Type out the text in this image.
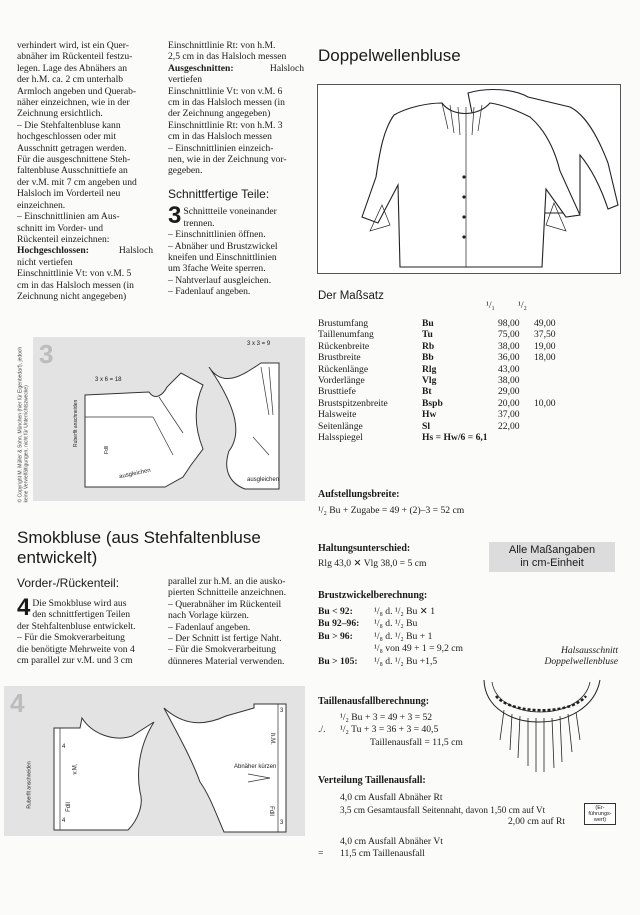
verhindert wird, ist ein Quer-
abnäher im Rückenteil festzu-
legen. Lage des Abnähers an
der h.M. ca. 2 cm unterhalb
Armloch angeben und Querab-
näher einzeichnen, wie in der
Zeichnung ersichtlich.
– Die Stehfaltenbluse kann
hochgeschlossen oder mit
Ausschnitt getragen werden.
Für die ausgeschnittene Steh-
faltenbluse Ausschnittiefe an
der v.M. mit 7 cm angeben und
Halsloch im Vorderteil neu
einzeichnen.
– Einschnittlinien am Aus-
schnitt im Vorder- und
Rückenteil einzeichnen:
Hochgeschlossen:	Halsloch
nicht vertiefen
Einschnittlinie Vt: von v.M. 5
cm in das Halsloch messen (in
Zeichnung nicht angegeben)
Einschnittlinie Rt: von h.M.
2,5 cm in das Halsloch messen
Ausgeschnitten:	Halsloch
vertiefen
Einschnittlinie Vt: von v.M. 6
cm in das Halsloch messen (in
der Zeichnung angegeben)
Einschnittlinie Rt: von h.M. 3
cm in das Halsloch messen
– Einschnittlinien einzeich-
nen, wie in der Zeichnung vor-
gegeben.
Schnittfertige Teile:
3 Schnittteile voneinander
trennen.
– Einschnittlinien öffnen.
– Abnäher und Brustzwickel
kneifen und Einschnittlinien
um 3fache Weite sperren.
– Nahtverlauf ausgleichen.
– Fadenlauf angeben.
© Copyright M. Müller & Sohn, München (hier für Eigenbedarf), jedoch keine Vervielfältigungen, nicht für Unterrichtszwecke)
3
3 x 6 = 18
3 x 3 = 9
ausgleichen	ausgleichen
Ruberflt anschneiden
Fdll
Smokbluse (aus Stehfaltenbluse
entwickelt)
Vorder-/Rückenteil:
4 Die Smokbluse wird aus
den schnittfertigen Teilen
der Stehfaltenbluse entwickelt.
– Für die Smokverarbeitung
die benötigte Mehrweite von 4
cm parallel zur v.M. und 3 cm
parallel zur h.M. an die ausko-
pierten Schnitteile anzeichnen.
– Querabnäher im Rückenteil
nach Vorlage kürzen.
– Fadenlauf angeben.
– Der Schnitt ist fertige Naht.
– Für die Smokverarbeitung
dünneres Material verwenden.
4
Abnäher kürzen
v.M.
h.M.
Fdll	Fdll
Ruberflt anschneiden
4
4
3
3
Doppelwellenbluse
Der Maßsatz
¹/₁ ¹/₂
Brustumfang	Bu	98,00	49,00
Taillenumfang	Tu	75,00	37,50
Rückenbreite	Rb	38,00	19,00
Brustbreite	Bb	36,00	18,00
Rückenlänge	Rlg	43,00	
Vorderlänge	Vlg	38,00	
Brusttiefe	Bt	29,00	
Brustspitzenbreite	Bspb	20,00	10,00
Halsweite	Hw	37,00	
Seitenlänge	Sl	22,00	
Halsspiegel	Hs = Hw/6 = 6,1		
Aufstellungsbreite:
¹/₂ Bu + Zugabe = 49 + (2)–3 = 52 cm
Haltungsunterschied:
Rlg 43,0 ✕ Vlg 38,0 = 5 cm
Alle Maßangaben
in cm-Einheit
Brustzwickelberechnung:
Bu < 92: ¹/₈ d. ¹/₂ Bu ✕ 1
Bu 92–96: ¹/₈ d. ¹/₂ Bu
Bu > 96: ¹/₈ d. ¹/₂ Bu + 1
¹/₈ von 49 + 1 = 9,2 cm
Bu > 105: ¹/₈ d. ¹/₂ Bu +1,5
Halsausschnitt
Doppelwellenbluse
Taillenausfallberechnung:
¹/₂ Bu + 3 = 49 + 3 = 52
./. ¹/₂ Tu + 3 = 36 + 3 = 40,5
Taillenausfall = 11,5 cm
Verteilung Taillenausfall:
4,0 cm Ausfall Abnäher Rt
3,5 cm Gesamtausfall Seitennaht, davon 1,50 cm auf Vt
2,00 cm auf Rt
4,0 cm Ausfall Abnäher Vt
= 11,5 cm Taillenausfall
(Er-
führungs-
wert)
